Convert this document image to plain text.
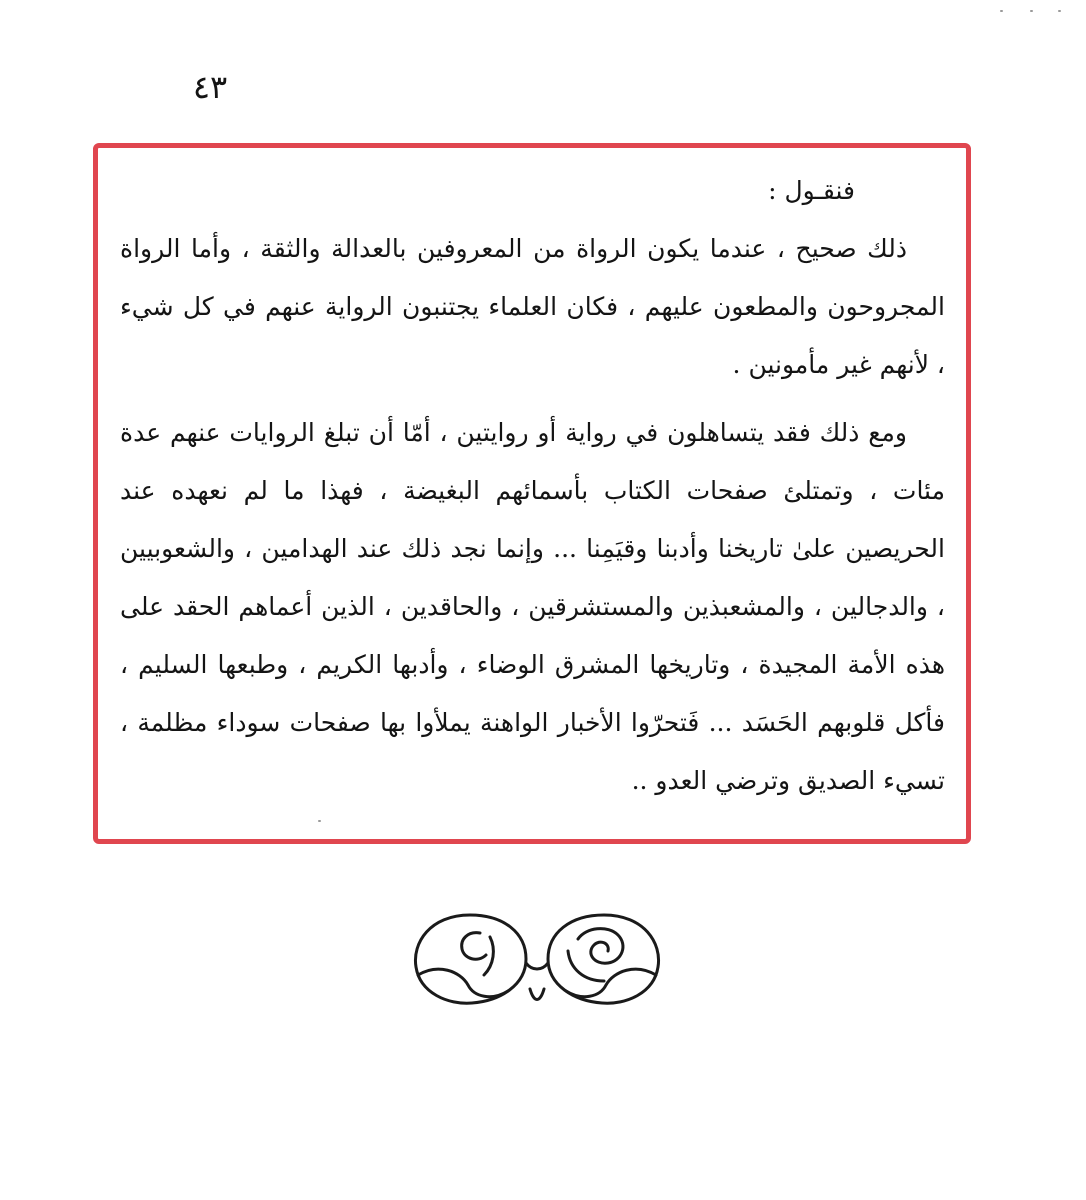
٤٣

فنقـول :

ذلك صحيح ، عندما يكون الرواة من المعروفين بالعدالة والثقة ، وأما الرواة المجروحون والمطعون عليهم ، فكان العلماء يجتنبون الرواية عنهم في كل شيء ، لأنهم غير مأمونين .

ومع ذلك فقد يتساهلون في رواية أو روايتين ، أمّا أن تبلغ الروايات عنهم عدة مئات ، وتمتلئ صفحات الكتاب بأسمائهم البغيضة ، فهذا ما لم نعهده عند الحريصين علىٰ تاريخنا وأدبنا وقيَمِنا ... وإنما نجد ذلك عند الهدامين ، والشعوبيين ، والدجالين ، والمشعبذين والمستشرقين ، والحاقدين ، الذين أعماهم الحقد على هذه الأمة المجيدة ، وتاريخها المشرق الوضاء ، وأدبها الكريم ، وطبعها السليم ، فأكل قلوبهم الحَسَد ... فَتحرّوا الأخبار الواهنة يملأوا بها صفحات سوداء مظلمة ، تسيء الصديق وترضي العدو ..
